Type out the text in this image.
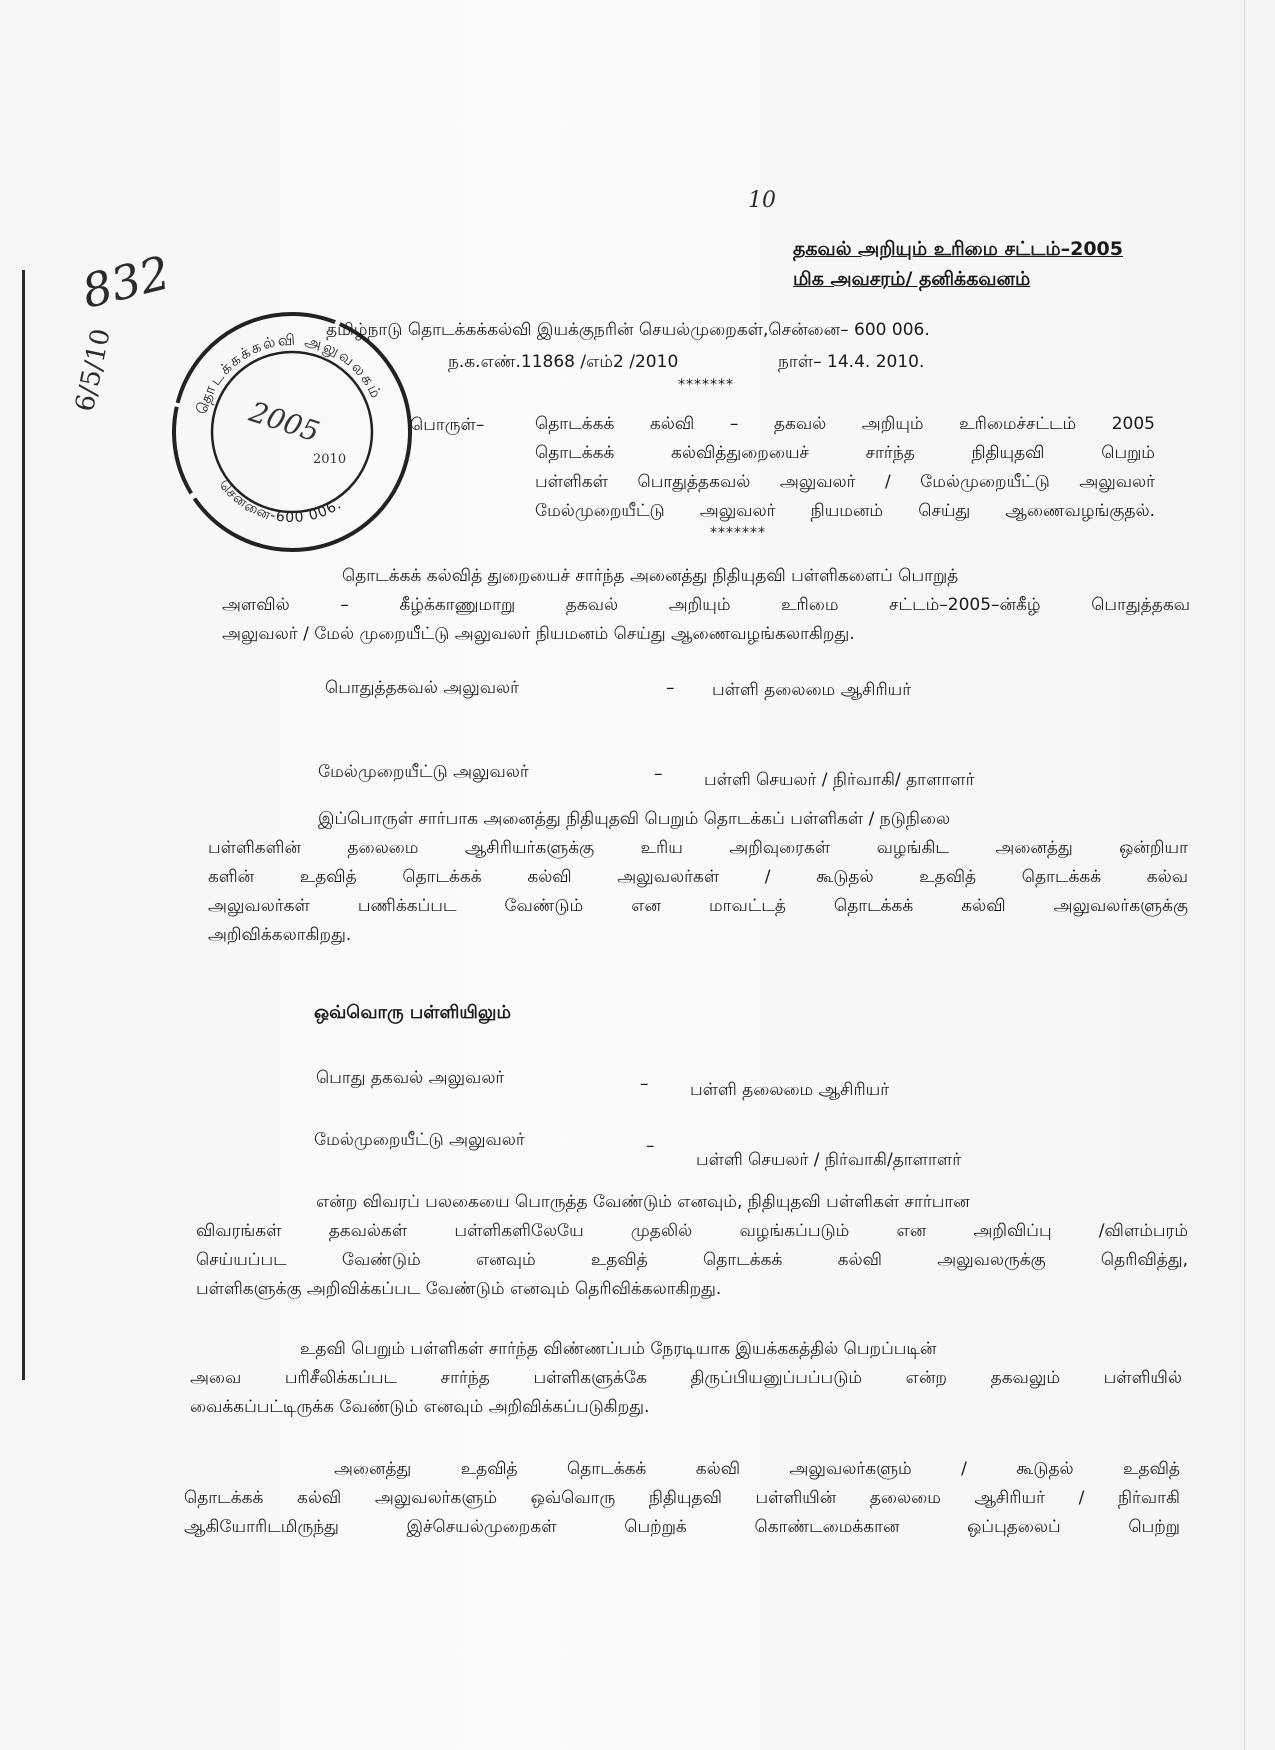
10
832
6/5/10	தொடக்கக்கல்வி அலுவலகம்
சென்னை-600 006.
2005
2010
தகவல் அறியும் உரிமை சட்டம்–2005
மிக அவசரம்/ தனிக்கவனம்
தமிழ்நாடு தொடக்கக்கல்வி இயக்குநரின் செயல்முறைகள்,சென்னை– 600 006.
ந.க.எண்.11868 /எம்2 /2010	நாள்– 14.4. 2010.
*******
பொருள்–	தொடக்கக் கல்வி – தகவல் அறியும் உரிமைச்சட்டம் 2005
தொடக்கக் கல்வித்துறையைச் சார்ந்த நிதியுதவி பெறும்
பள்ளிகள் பொதுத்தகவல் அலுவலர் / மேல்முறையீட்டு அலுவலர்
மேல்முறையீட்டு அலுவலர் நியமனம் செய்து ஆணைவழங்குதல்.
*******
தொடக்கக் கல்வித் துறையைச் சார்ந்த அனைத்து நிதியுதவி பள்ளிகளைப் பொறுத்
அளவில் – கீழ்க்காணுமாறு தகவல் அறியும் உரிமை சட்டம்–2005–ன்கீழ் பொதுத்தகவ
அலுவலர் / மேல் முறையீட்டு அலுவலர் நியமனம் செய்து ஆணைவழங்கலாகிறது.
பொதுத்தகவல் அலுவலர்	– பள்ளி தலைமை ஆசிரியர்
மேல்முறையீட்டு அலுவலர்	– பள்ளி செயலர் / நிர்வாகி/ தாளாளர்
இப்பொருள் சார்பாக அனைத்து நிதியுதவி பெறும் தொடக்கப் பள்ளிகள் / நடுநிலை
பள்ளிகளின் தலைமை ஆசிரியர்களுக்கு உரிய அறிவுரைகள் வழங்கிட அனைத்து ஒன்றியா
களின் உதவித் தொடக்கக் கல்வி அலுவலர்கள் / கூடுதல் உதவித் தொடக்கக் கல்வ
அலுவலர்கள் பணிக்கப்பட வேண்டும் என மாவட்டத் தொடக்கக் கல்வி அலுவலர்களுக்கு
அறிவிக்கலாகிறது.
ஒவ்வொரு பள்ளியிலும்
பொது தகவல் அலுவலர்	– பள்ளி தலைமை ஆசிரியர்
மேல்முறையீட்டு அலுவலர்	–
பள்ளி செயலர் / நிர்வாகி/தாளாளர்
என்ற விவரப் பலகையை பொருத்த வேண்டும் எனவும், நிதியுதவி பள்ளிகள் சார்பான
விவரங்கள் தகவல்கள் பள்ளிகளிலேயே முதலில் வழங்கப்படும் என அறிவிப்பு /விளம்பரம்
செய்யப்பட வேண்டும் எனவும் உதவித் தொடக்கக் கல்வி அலுவலருக்கு தெரிவித்து,
பள்ளிகளுக்கு அறிவிக்கப்பட வேண்டும் எனவும் தெரிவிக்கலாகிறது.
உதவி பெறும் பள்ளிகள் சார்ந்த விண்ணப்பம் நேரடியாக இயக்ககத்தில் பெறப்படின்
அவை பரிசீலிக்கப்பட சார்ந்த பள்ளிகளுக்கே திருப்பியனுப்பப்படும் என்ற தகவலும் பள்ளியில்
வைக்கப்பட்டிருக்க வேண்டும் எனவும் அறிவிக்கப்படுகிறது.
அனைத்து உதவித் தொடக்கக் கல்வி அலுவலர்களும் / கூடுதல் உதவித்
தொடக்கக் கல்வி அலுவலர்களும் ஒவ்வொரு நிதியுதவி பள்ளியின் தலைமை ஆசிரியர் / நிர்வாகி
ஆகியோரிடமிருந்து இச்செயல்முறைகள் பெற்றுக் கொண்டமைக்கான ஒப்புதலைப் பெற்று
